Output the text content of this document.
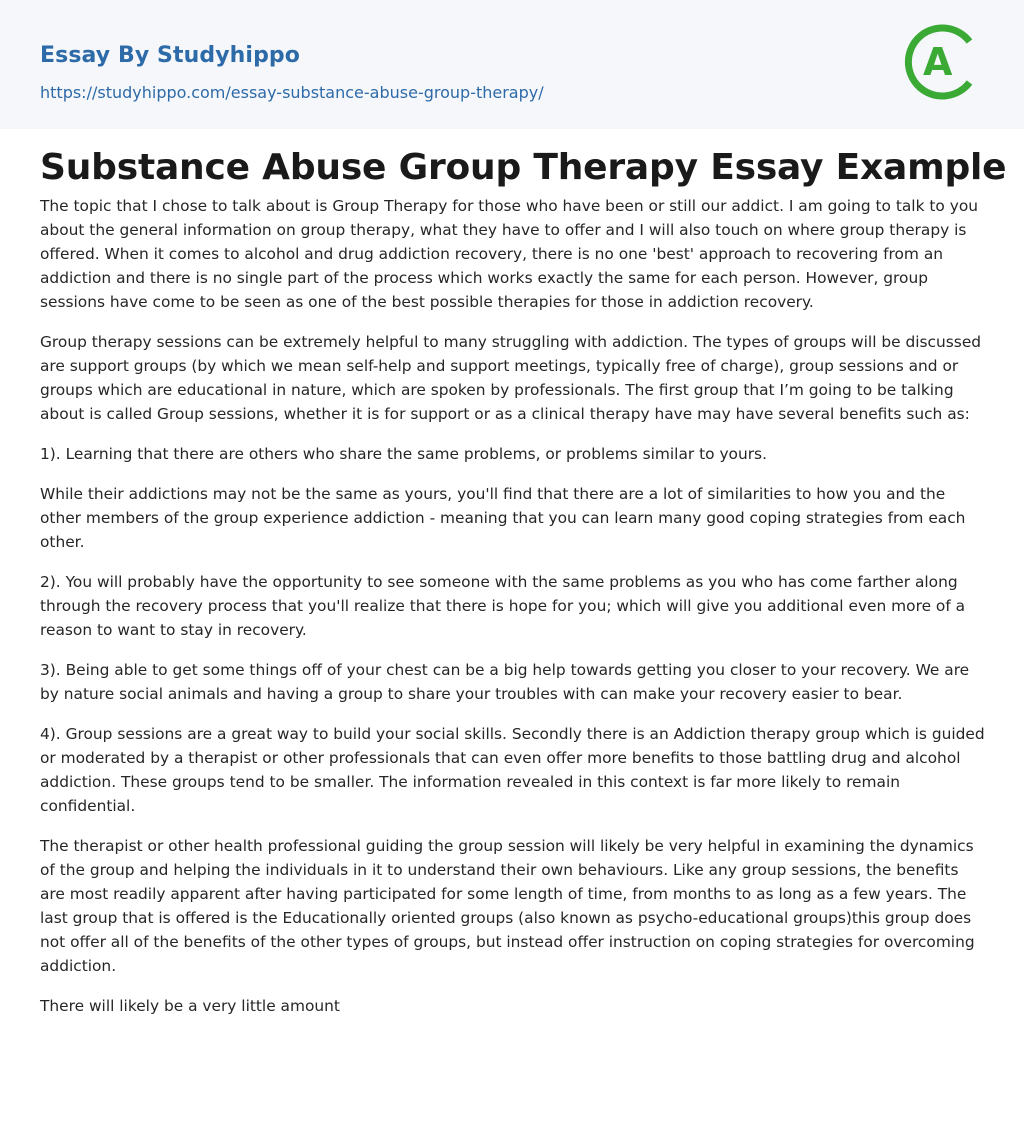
Essay By Studyhippo
https://studyhippo.com/essay-substance-abuse-group-therapy/
A
Substance Abuse Group Therapy Essay Example

The topic that I chose to talk about is Group Therapy for those who have been or still our addict. I am going to talk to you about the general information on group therapy, what they have to offer and I will also touch on where group therapy is offered. When it comes to alcohol and drug addiction recovery, there is no one 'best' approach to recovering from an addiction and there is no single part of the process which works exactly the same for each person. However, group sessions have come to be seen as one of the best possible therapies for those in addiction recovery.

Group therapy sessions can be extremely helpful to many struggling with addiction. The types of groups will be discussed are support groups (by which we mean self-help and support meetings, typically free of charge), group sessions and or groups which are educational in nature, which are spoken by professionals. The first group that I’m going to be talking about is called Group sessions, whether it is for support or as a clinical therapy have may have several benefits such as:

1). Learning that there are others who share the same problems, or problems similar to yours.

While their addictions may not be the same as yours, you'll find that there are a lot of similarities to how you and the other members of the group experience addiction - meaning that you can learn many good coping strategies from each other.

2). You will probably have the opportunity to see someone with the same problems as you who has come farther along through the recovery process that you'll realize that there is hope for you; which will give you additional even more of a reason to want to stay in recovery.

3). Being able to get some things off of your chest can be a big help towards getting you closer to your recovery. We are by nature social animals and having a group to share your troubles with can make your recovery easier to bear.

4). Group sessions are a great way to build your social skills. Secondly there is an Addiction therapy group which is guided or moderated by a therapist or other professionals that can even offer more benefits to those battling drug and alcohol addiction. These groups tend to be smaller. The information revealed in this context is far more likely to remain confidential.

The therapist or other health professional guiding the group session will likely be very helpful in examining the dynamics of the group and helping the individuals in it to understand their own behaviours. Like any group sessions, the benefits are most readily apparent after having participated for some length of time, from months to as long as a few years. The last group that is offered is the Educationally oriented groups (also known as psycho-educational groups)this group does not offer all of the benefits of the other types of groups, but instead offer instruction on coping strategies for overcoming addiction.

There will likely be a very little amount
